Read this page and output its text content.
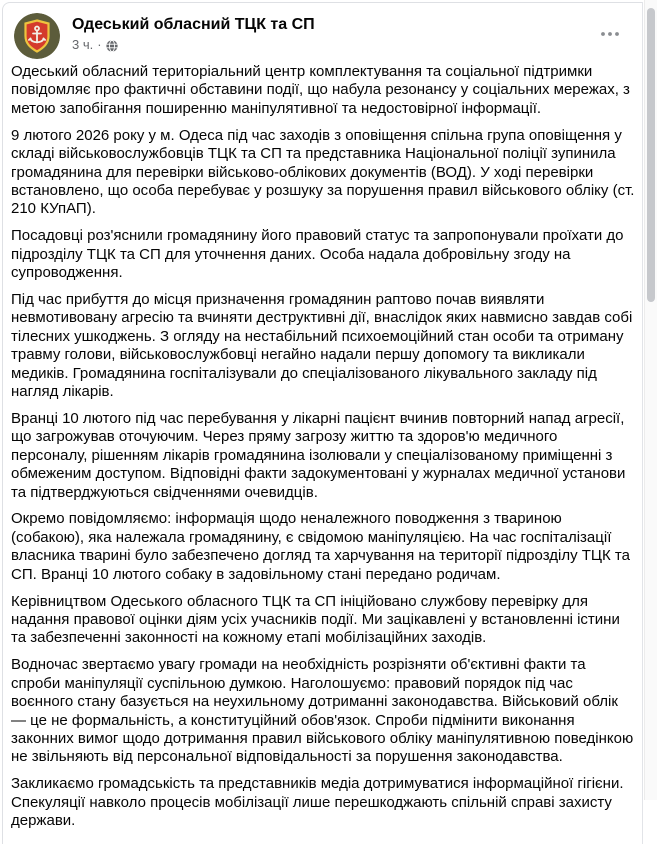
Одеський обласний ТЦК та СП
3 ч. ·

Одеський обласний територіальний центр комплектування та соціальної підтримки повідомляє про фактичні обставини події, що набула резонансу у соціальних мережах, з метою запобігання поширенню маніпулятивної та недостовірної інформації.

9 лютого 2026 року у м. Одеса під час заходів з оповіщення спільна група оповіщення у складі військовослужбовців ТЦК та СП та представника Національної поліції зупинила громадянина для перевірки військово-облікових документів (ВОД). У ході перевірки встановлено, що особа перебуває у розшуку за порушення правил військового обліку (ст. 210 КУпАП).

Посадовці роз'яснили громадянину його правовий статус та запропонували проїхати до підрозділу ТЦК та СП для уточнення даних. Особа надала добровільну згоду на супроводження.

Під час прибуття до місця призначення громадянин раптово почав виявляти невмотивовану агресію та вчиняти деструктивні дії, внаслідок яких навмисно завдав собі тілесних ушкоджень. З огляду на нестабільний психоемоційний стан особи та отриману травму голови, військовослужбовці негайно надали першу допомогу та викликали медиків. Громадянина госпіталізували до спеціалізованого лікувального закладу під нагляд лікарів.

Вранці 10 лютого під час перебування у лікарні пацієнт вчинив повторний напад агресії, що загрожував оточуючим. Через пряму загрозу життю та здоров'ю медичного персоналу, рішенням лікарів громадянина ізолювали у спеціалізованому приміщенні з обмеженим доступом. Відповідні факти задокументовані у журналах медичної установи та підтверджуються свідченнями очевидців.

Окремо повідомляємо: інформація щодо неналежного поводження з твариною (собакою), яка належала громадянину, є свідомою маніпуляцією. На час госпіталізації власника тварині було забезпечено догляд та харчування на території підрозділу ТЦК та СП. Вранці 10 лютого собаку в задовільному стані передано родичам.

Керівництвом Одеського обласного ТЦК та СП ініційовано службову перевірку для надання правової оцінки діям усіх учасників події. Ми зацікавлені у встановленні істини та забезпеченні законності на кожному етапі мобілізаційних заходів.

Водночас звертаємо увагу громади на необхідність розрізняти об'єктивні факти та спроби маніпуляції суспільною думкою. Наголошуємо: правовий порядок під час воєнного стану базується на неухильному дотриманні законодавства. Військовий облік — це не формальність, а конституційний обов'язок. Спроби підмінити виконання законних вимог щодо дотримання правил військового обліку маніпулятивною поведінкою не звільняють від персональної відповідальності за порушення законодавства.

Закликаємо громадськість та представників медіа дотримуватися інформаційної гігієни. Спекуляції навколо процесів мобілізації лише перешкоджають спільній справі захисту держави.
